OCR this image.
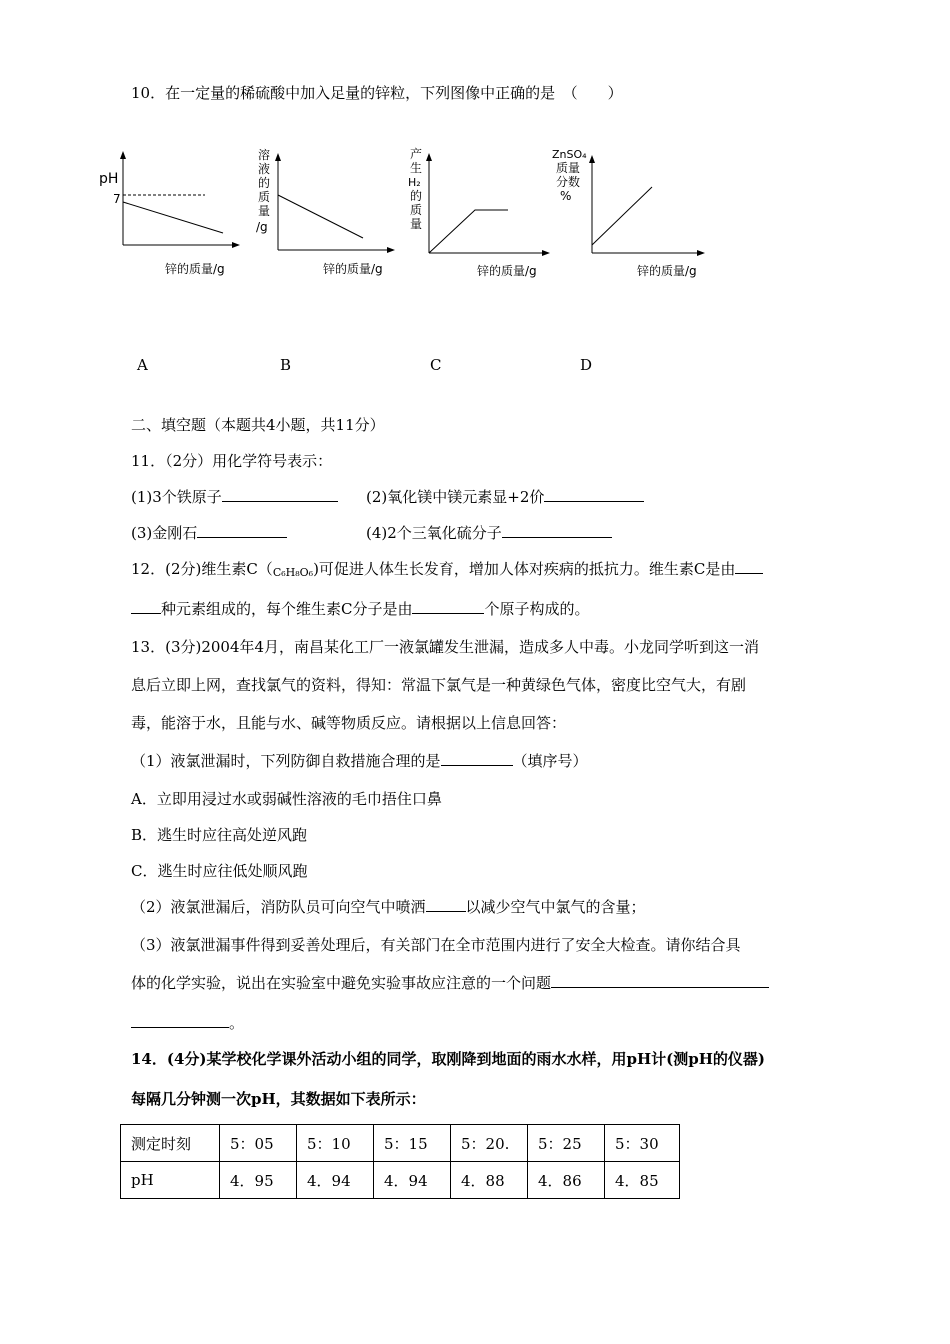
10．在一定量的稀硫酸中加入足量的锌粒，下列图像中正确的是　（　　）
pH
7
锌的质量/g
溶
液
的
质
量
/g
锌的质量/g
产
生
H₂
的
质
量
锌的质量/g
ZnSO₄
质量
分数
%
锌的质量/g
A	B	C	D
二、填空题（本题共4小题，共11分）
11．（2分）用化学符号表示：
(1)3个铁原子	(2)氧化镁中镁元素显+2价
(3)金刚石	(4)2个三氧化硫分子
12．(2分)维生素C（C₆H₈O₆)可促进人体生长发育，增加人体对疾病的抵抗力。维生素C是由
种元素组成的，每个维生素C分子是由	个原子构成的。
13．(3分)2004年4月，南昌某化工厂一液氯罐发生泄漏，造成多人中毒。小龙同学听到这一消
息后立即上网，查找氯气的资料，得知：常温下氯气是一种黄绿色气体，密度比空气大，有剧
毒，能溶于水，且能与水、碱等物质反应。请根据以上信息回答：
（1）液氯泄漏时，下列防御自救措施合理的是	（填序号）
A．立即用浸过水或弱碱性溶液的毛巾捂住口鼻
B．逃生时应往高处逆风跑
C．逃生时应往低处顺风跑
（2）液氯泄漏后，消防队员可向空气中喷洒	以减少空气中氯气的含量；
（3）液氯泄漏事件得到妥善处理后，有关部门在全市范围内进行了安全大检查。请你结合具
体的化学实验，说出在实验室中避免实验事故应注意的一个问题
。
14．(4分)某学校化学课外活动小组的同学，取刚降到地面的雨水水样，用pH计(测pH的仪器)
每隔几分钟测一次pH，其数据如下表所示：
测定时刻	5：05	5：10	5：15	5：20.	5：25	5：30
pH	4．95	4．94	4．94	4．88	4．86	4．85
